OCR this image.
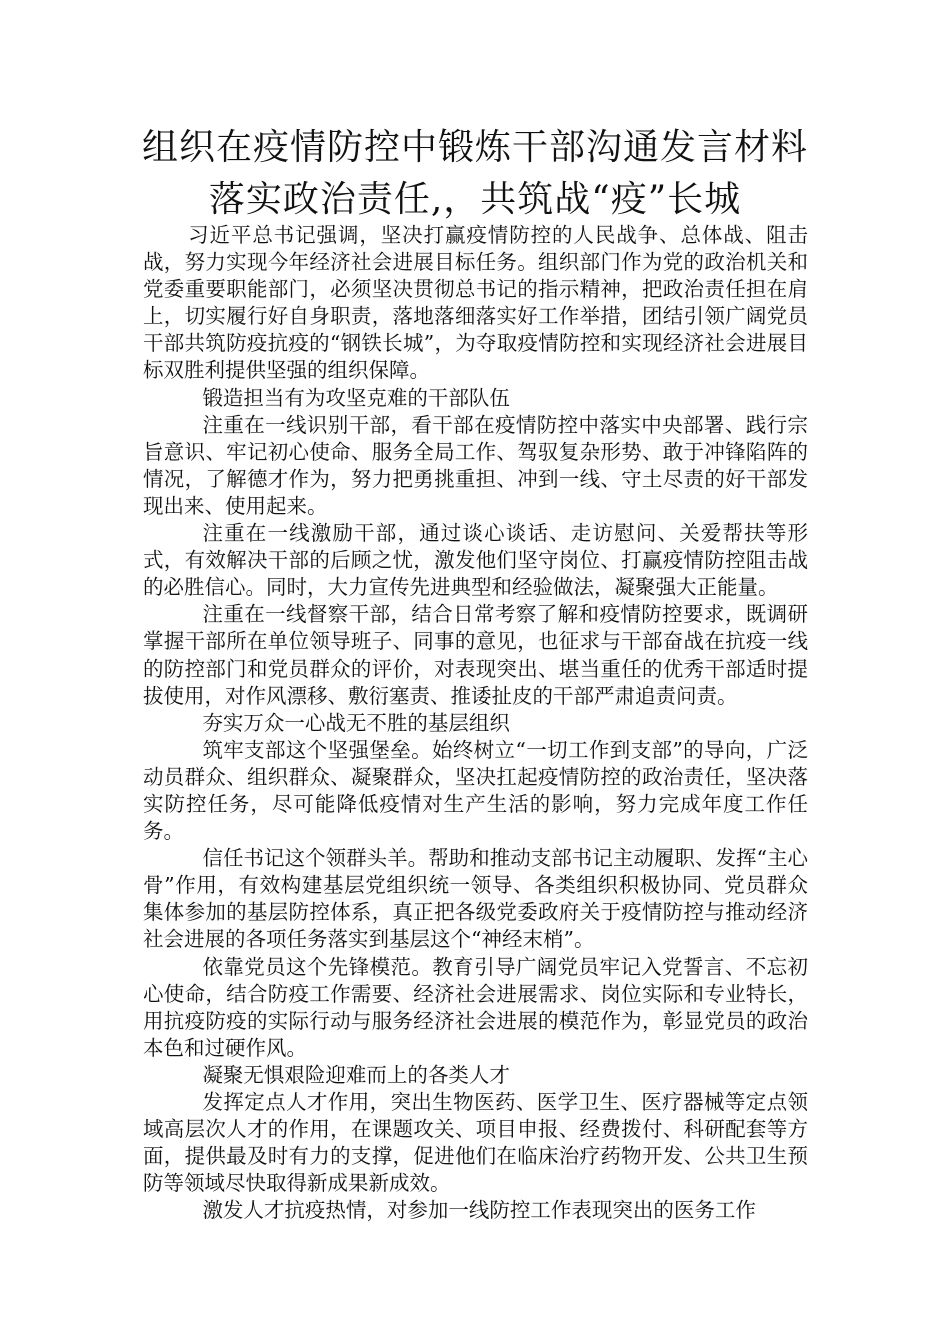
组织在疫情防控中锻炼干部沟通发言材料
落实政治责任,，共筑战“疫”长城

习近平总书记强调，坚决打赢疫情防控的人民战争、总体战、阻击战，努力实现今年经济社会进展目标任务。组织部门作为党的政治机关和党委重要职能部门，必须坚决贯彻总书记的指示精神，把政治责任担在肩上，切实履行好自身职责，落地落细落实好工作举措，团结引领广阔党员干部共筑防疫抗疫的“钢铁长城”，为夺取疫情防控和实现经济社会进展目标双胜利提供坚强的组织保障。

锻造担当有为攻坚克难的干部队伍

注重在一线识别干部，看干部在疫情防控中落实中央部署、践行宗旨意识、牢记初心使命、服务全局工作、驾驭复杂形势、敢于冲锋陷阵的情况，了解德才作为，努力把勇挑重担、冲到一线、守土尽责的好干部发现出来、使用起来。

注重在一线激励干部，通过谈心谈话、走访慰问、关爱帮扶等形式，有效解决干部的后顾之忧，激发他们坚守岗位、打赢疫情防控阻击战的必胜信心。同时，大力宣传先进典型和经验做法，凝聚强大正能量。

注重在一线督察干部，结合日常考察了解和疫情防控要求，既调研掌握干部所在单位领导班子、同事的意见，也征求与干部奋战在抗疫一线的防控部门和党员群众的评价，对表现突出、堪当重任的优秀干部适时提拔使用，对作风漂移、敷衍塞责、推诿扯皮的干部严肃追责问责。

夯实万众一心战无不胜的基层组织

筑牢支部这个坚强堡垒。始终树立“一切工作到支部”的导向，广泛动员群众、组织群众、凝聚群众，坚决扛起疫情防控的政治责任，坚决落实防控任务，尽可能降低疫情对生产生活的影响，努力完成年度工作任务。

信任书记这个领群头羊。帮助和推动支部书记主动履职、发挥“主心骨”作用，有效构建基层党组织统一领导、各类组织积极协同、党员群众集体参加的基层防控体系，真正把各级党委政府关于疫情防控与推动经济社会进展的各项任务落实到基层这个“神经末梢”。

依靠党员这个先锋模范。教育引导广阔党员牢记入党誓言、不忘初心使命，结合防疫工作需要、经济社会进展需求、岗位实际和专业特长，用抗疫防疫的实际行动与服务经济社会进展的模范作为，彰显党员的政治本色和过硬作风。

凝聚无惧艰险迎难而上的各类人才

发挥定点人才作用，突出生物医药、医学卫生、医疗器械等定点领域高层次人才的作用，在课题攻关、项目申报、经费拨付、科研配套等方面，提供最及时有力的支撑，促进他们在临床治疗药物开发、公共卫生预防等领域尽快取得新成果新成效。

激发人才抗疫热情，对参加一线防控工作表现突出的医务工作
